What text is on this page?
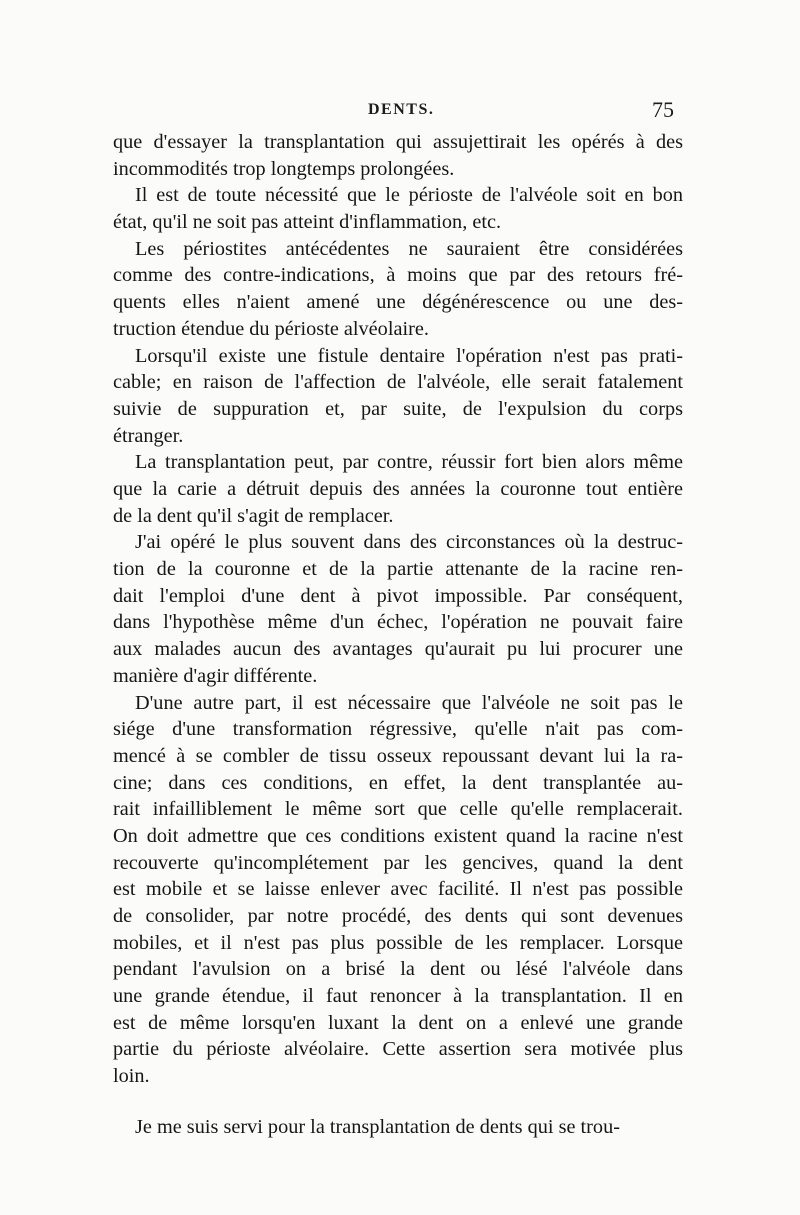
DENTS.	75
que d'essayer la transplantation qui assujettirait les opérés à des
incommodités trop longtemps prolongées.
Il est de toute nécessité que le périoste de l'alvéole soit en bon
état, qu'il ne soit pas atteint d'inflammation, etc.
Les périostites antécédentes ne sauraient être considérées
comme des contre-indications, à moins que par des retours fré-
quents elles n'aient amené une dégénérescence ou une des-
truction étendue du périoste alvéolaire.
Lorsqu'il existe une fistule dentaire l'opération n'est pas prati-
cable; en raison de l'affection de l'alvéole, elle serait fatalement
suivie de suppuration et, par suite, de l'expulsion du corps
étranger.
La transplantation peut, par contre, réussir fort bien alors même
que la carie a détruit depuis des années la couronne tout entière
de la dent qu'il s'agit de remplacer.
J'ai opéré le plus souvent dans des circonstances où la destruc-
tion de la couronne et de la partie attenante de la racine ren-
dait l'emploi d'une dent à pivot impossible. Par conséquent,
dans l'hypothèse même d'un échec, l'opération ne pouvait faire
aux malades aucun des avantages qu'aurait pu lui procurer une
manière d'agir différente.
D'une autre part, il est nécessaire que l'alvéole ne soit pas le
siége d'une transformation régressive, qu'elle n'ait pas com-
mencé à se combler de tissu osseux repoussant devant lui la ra-
cine; dans ces conditions, en effet, la dent transplantée au-
rait infailliblement le même sort que celle qu'elle remplacerait.
On doit admettre que ces conditions existent quand la racine n'est
recouverte qu'incomplétement par les gencives, quand la dent
est mobile et se laisse enlever avec facilité. Il n'est pas possible
de consolider, par notre procédé, des dents qui sont devenues
mobiles, et il n'est pas plus possible de les remplacer. Lorsque
pendant l'avulsion on a brisé la dent ou lésé l'alvéole dans
une grande étendue, il faut renoncer à la transplantation. Il en
est de même lorsqu'en luxant la dent on a enlevé une grande
partie du périoste alvéolaire. Cette assertion sera motivée plus
loin.
Je me suis servi pour la transplantation de dents qui se trou-
